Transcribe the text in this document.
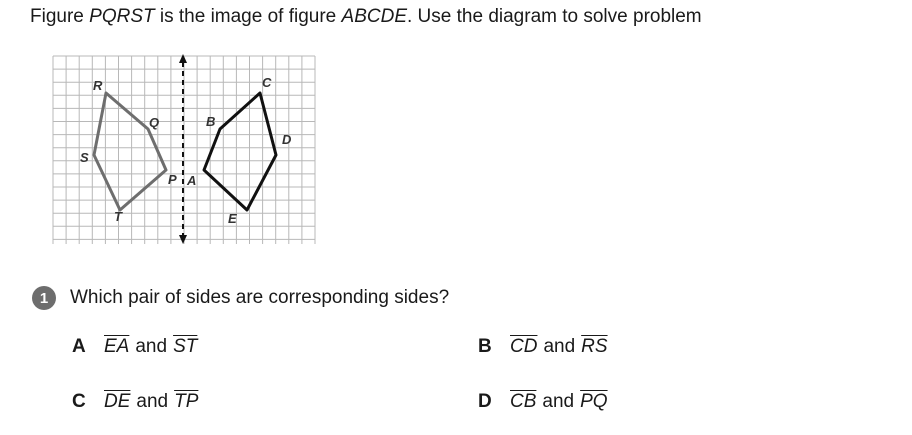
Figure PQRST is the image of figure ABCDE. Use the diagram to solve problem
R
Q
S
P
T
A
B
C
D
E
1	Which pair of sides are corresponding sides?
A $\overline{EA}$ and $\overline{ST}$	B $\overline{CD}$ and $\overline{RS}$
C $\overline{DE}$ and $\overline{TP}$	D $\overline{CB}$ and $\overline{PQ}$
